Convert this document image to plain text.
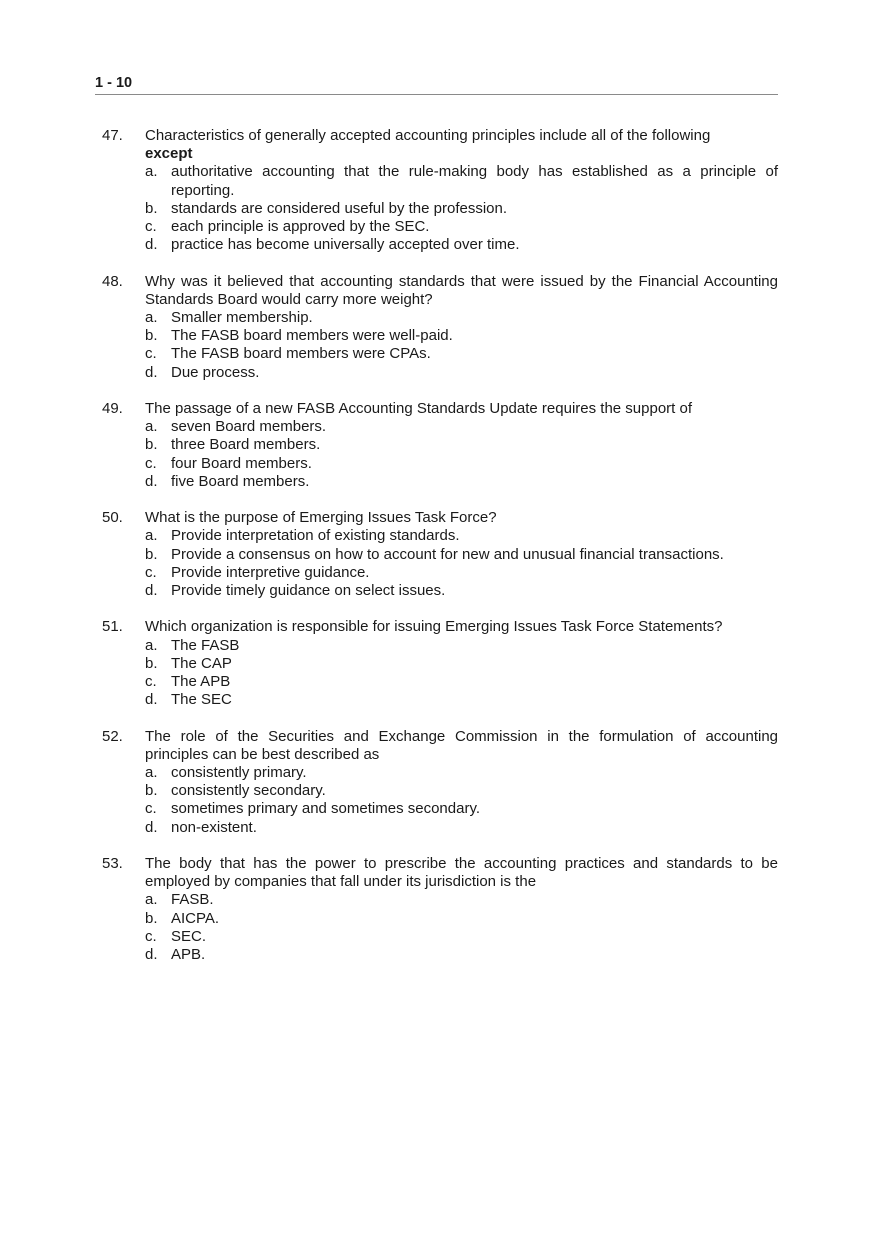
1 - 10
47. Characteristics of generally accepted accounting principles include all of the following
except
a. authoritative accounting that the rule-making body has established as a principle of reporting.
b. standards are considered useful by the profession.
c. each principle is approved by the SEC.
d. practice has become universally accepted over time.
48. Why was it believed that accounting standards that were issued by the Financial Accounting Standards Board would carry more weight?
a. Smaller membership.
b. The FASB board members were well-paid.
c. The FASB board members were CPAs.
d. Due process.
49. The passage of a new FASB Accounting Standards Update requires the support of
a. seven Board members.
b. three Board members.
c. four Board members.
d. five Board members.
50. What is the purpose of Emerging Issues Task Force?
a. Provide interpretation of existing standards.
b. Provide a consensus on how to account for new and unusual financial transactions.
c. Provide interpretive guidance.
d. Provide timely guidance on select issues.
51. Which organization is responsible for issuing Emerging Issues Task Force Statements?
a. The FASB
b. The CAP
c. The APB
d. The SEC
52. The role of the Securities and Exchange Commission in the formulation of accounting principles can be best described as
a. consistently primary.
b. consistently secondary.
c. sometimes primary and sometimes secondary.
d. non-existent.
53. The body that has the power to prescribe the accounting practices and standards to be employed by companies that fall under its jurisdiction is the
a. FASB.
b. AICPA.
c. SEC.
d. APB.
